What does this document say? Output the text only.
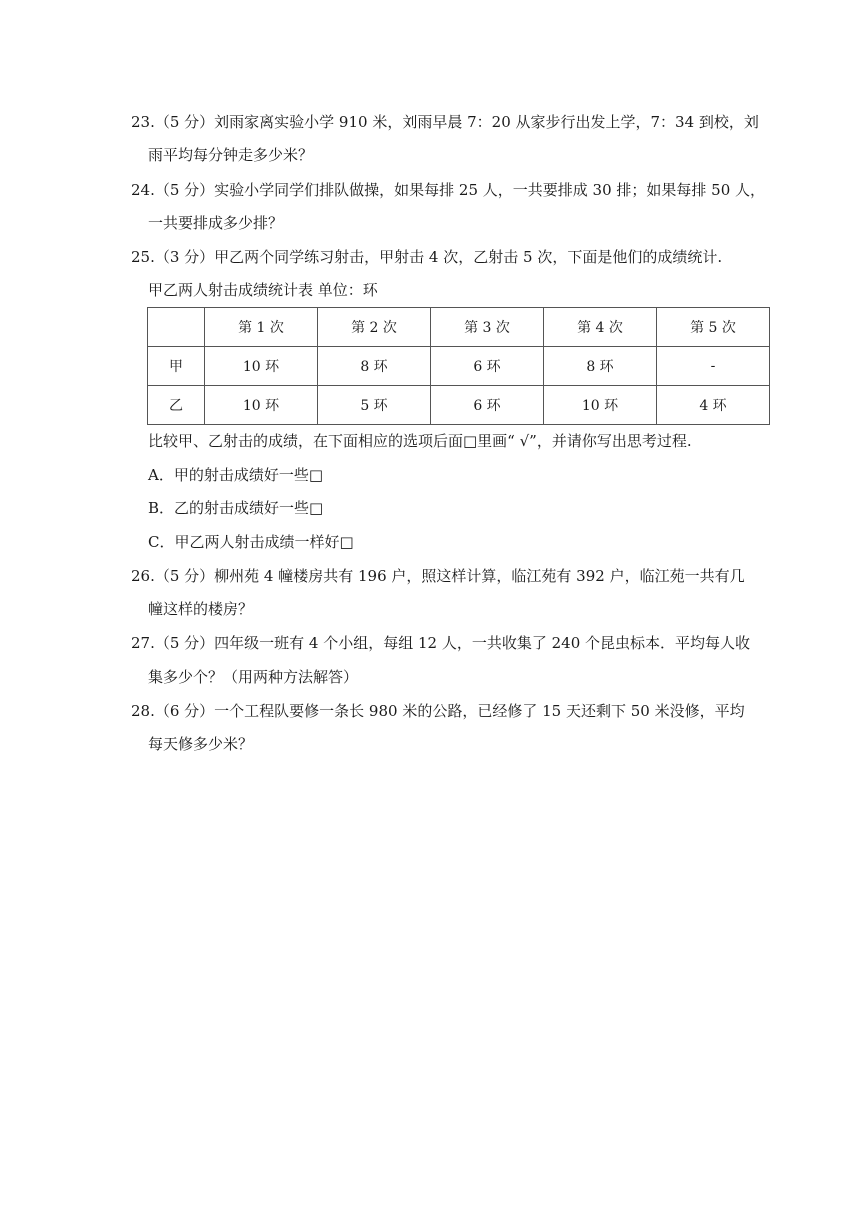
23.（5 分）刘雨家离实验小学 910 米，刘雨早晨 7：20 从家步行出发上学，7：34 到校，刘
雨平均每分钟走多少米？
24.（5 分）实验小学同学们排队做操，如果每排 25 人，一共要排成 30 排；如果每排 50 人，
一共要排成多少排？
25.（3 分）甲乙两个同学练习射击，甲射击 4 次，乙射击 5 次，下面是他们的成绩统计.
甲乙两人射击成绩统计表 单位：环
	第 1 次	第 2 次	第 3 次	第 4 次	第 5 次
甲	10 环	8 环	6 环	8 环	-
乙	10 环	5 环	6 环	10 环	4 环
比较甲、乙射击的成绩，在下面相应的选项后面□里画“ √”，并请你写出思考过程.
A．甲的射击成绩好一些□
B．乙的射击成绩好一些□
C．甲乙两人射击成绩一样好□
26.（5 分）柳州苑 4 幢楼房共有 196 户，照这样计算，临江苑有 392 户，临江苑一共有几
幢这样的楼房？
27.（5 分）四年级一班有 4 个小组，每组 12 人，一共收集了 240 个昆虫标本．平均每人收
集多少个？（用两种方法解答）
28.（6 分）一个工程队要修一条长 980 米的公路，已经修了 15 天还剩下 50 米没修，平均
每天修多少米？
